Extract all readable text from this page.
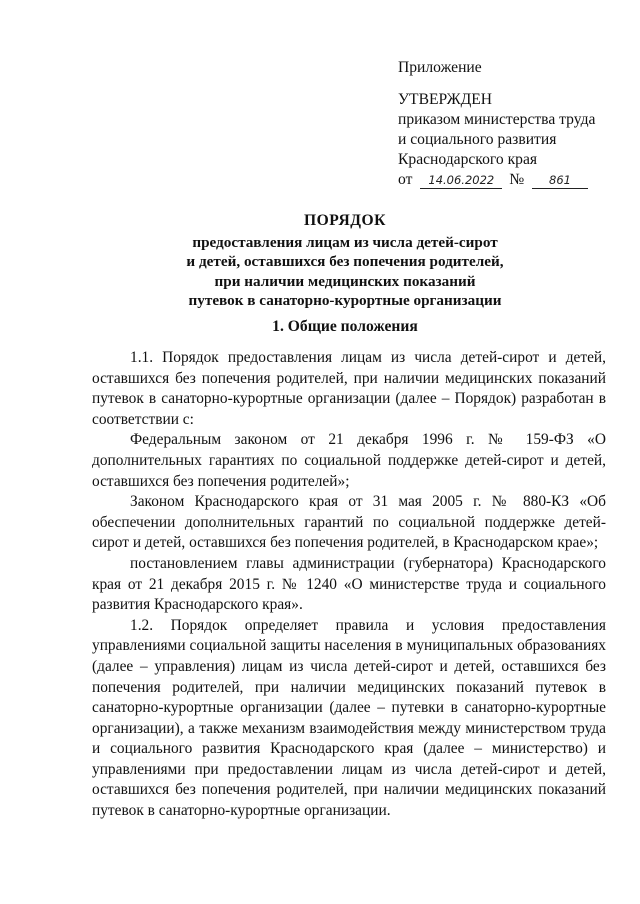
Приложение
УТВЕРЖДЕН
приказом министерства труда
и социального развития
Краснодарского края
от 14.06.2022 № 861
ПОРЯДОК
предоставления лицам из числа детей-сирот
и детей, оставшихся без попечения родителей,
при наличии медицинских показаний
путевок в санаторно-курортные организации
1. Общие положения

1.1. Порядок предоставления лицам из числа детей-сирот и детей, оставшихся без попечения родителей, при наличии медицинских показаний путевок в санаторно-курортные организации (далее – Порядок) разработан в соответствии с:

Федеральным законом от 21 декабря 1996 г. № 159-ФЗ «О дополнительных гарантиях по социальной поддержке детей-сирот и детей, оставшихся без попечения родителей»;

Законом Краснодарского края от 31 мая 2005 г. № 880-КЗ «Об обеспечении дополнительных гарантий по социальной поддержке детей-сирот и детей, оставшихся без попечения родителей, в Краснодарском крае»;

постановлением главы администрации (губернатора) Краснодарского края от 21 декабря 2015 г. № 1240 «О министерстве труда и социального развития Краснодарского края».

1.2. Порядок определяет правила и условия предоставления управлениями социальной защиты населения в муниципальных образованиях (далее – управления) лицам из числа детей-сирот и детей, оставшихся без попечения родителей, при наличии медицинских показаний путевок в санаторно-курортные организации (далее – путевки в санаторно-курортные организации), а также механизм взаимодействия между министерством труда и социального развития Краснодарского края (далее – министерство) и управлениями при предоставлении лицам из числа детей-сирот и детей, оставшихся без попечения родителей, при наличии медицинских показаний путевок в санаторно-курортные организации.
